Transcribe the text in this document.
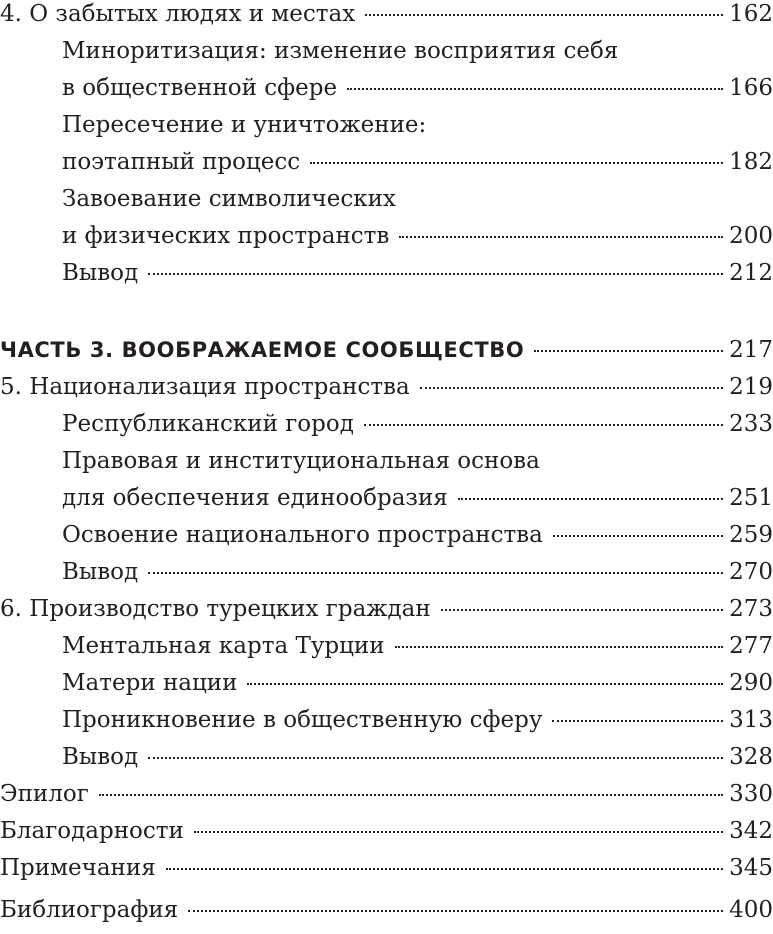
4. О забытых людях и местах	162
Миноритизация: изменение восприятия себя
в общественной сфере	166
Пересечение и уничтожение:
поэтапный процесс	182
Завоевание символических
и физических пространств	200
Вывод	212
ЧАСТЬ 3. ВООБРАЖАЕМОЕ СООБЩЕСТВО	217
5. Национализация пространства	219
Республиканский город	233
Правовая и институциональная основа
для обеспечения единообразия	251
Освоение национального пространства	259
Вывод	270
6. Производство турецких граждан	273
Ментальная карта Турции	277
Матери нации	290
Проникновение в общественную сферу	313
Вывод	328
Эпилог	330
Благодарности	342
Примечания	345
Библиография	400
